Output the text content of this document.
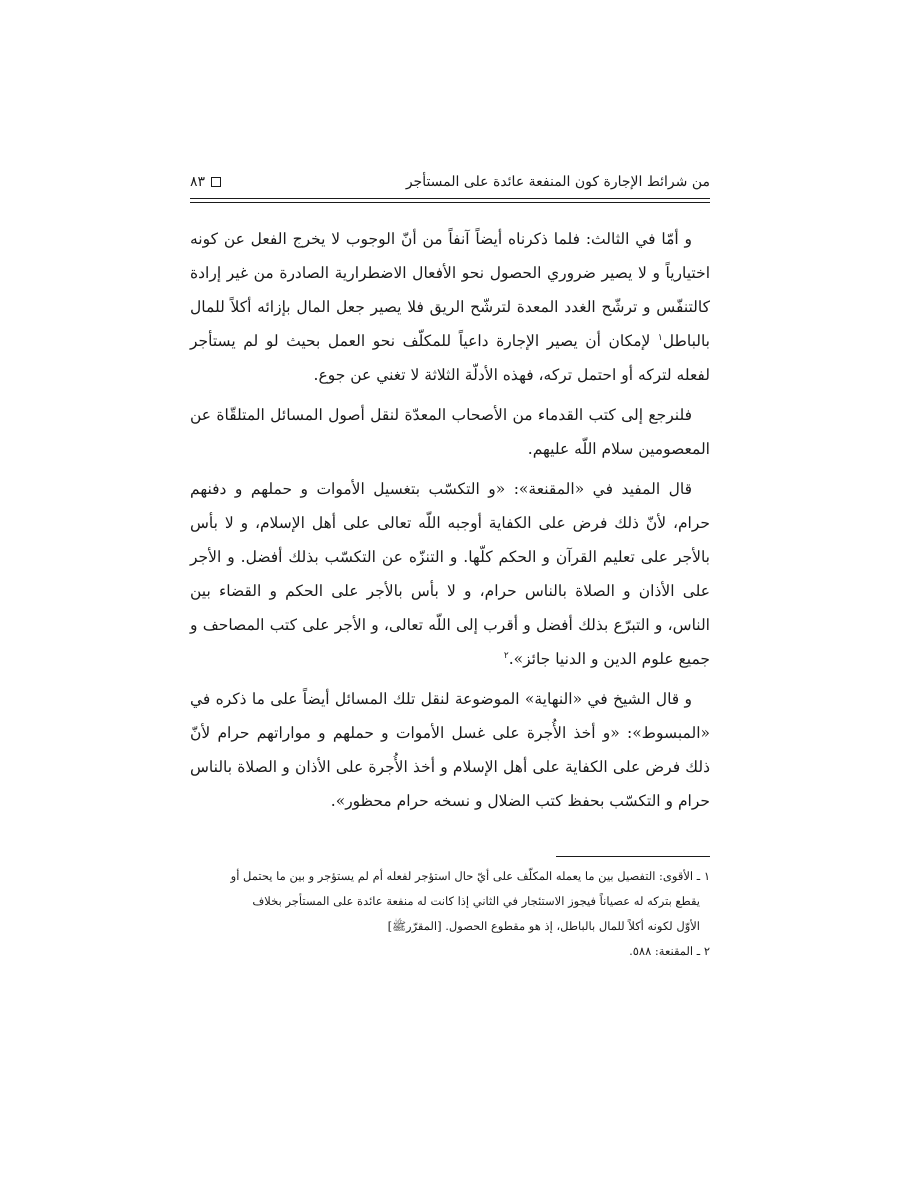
من شرائط الإجارة كون المنفعة عائدة على المستأجر
٨٣

و أمّا في الثالث: فلما ذكرناه أيضاً آنفاً من أنّ الوجوب لا يخرج الفعل عن كونه اختيارياً و لا يصير ضروري الحصول نحو الأفعال الاضطرارية الصادرة من غير إرادة كالتنفّس و ترشّح الغدد المعدة لترشّح الريق فلا يصير جعل المال بإزائه أكلاً للمال بالباطل$^١$ لإمكان أن يصير الإجارة داعياً للمكلّف نحو العمل بحيث لو لم يستأجر لفعله لتركه أو احتمل تركه، فهذه الأدلّة الثلاثة لا تغني عن جوع.

فلنرجع إلى كتب القدماء من الأصحاب المعدّة لنقل أصول المسائل المتلقّاة عن المعصومين سلام اللّه عليهم.

قال المفيد في «المقنعة»: «و التكسّب بتغسيل الأموات و حملهم و دفنهم حرام، لأنّ ذلك فرض على الكفاية أوجبه اللّه تعالى على أهل الإسلام، و لا بأس بالأجر على تعليم القرآن و الحكم كلّها. و التنزّه عن التكسّب بذلك أفضل. و الأجر على الأذان و الصلاة بالناس حرام، و لا بأس بالأجر على الحكم و القضاء بين الناس، و التبرّع بذلك أفضل و أقرب إلى اللّه تعالى، و الأجر على كتب المصاحف و جميع علوم الدين و الدنيا جائز».$^٢$

و قال الشيخ في «النهاية» الموضوعة لنقل تلك المسائل أيضاً على ما ذكره في «المبسوط»: «و أخذ الأُجرة على غسل الأموات و حملهم و مواراتهم حرام لأنّ ذلك فرض على الكفاية على أهل الإسلام و أخذ الأُجرة على الأذان و الصلاة بالناس حرام و التكسّب بحفظ كتب الضلال و نسخه حرام محظور».

١ ـ الأقوى: التفصيل بين ما يعمله المكلّف على أيّ حال استؤجر لفعله أم لم يستؤجر و بين ما يحتمل أو

يقطع بتركه له عصياناً فيجوز الاستئجار في الثاني إذا كانت له منفعة عائدة على المستأجر بخلاف

الأوّل لكونه أكلاً للمال بالباطل، إذ هو مقطوع الحصول. [المقرّرﷺ]

٢ ـ المقنعة: ٥٨٨.
